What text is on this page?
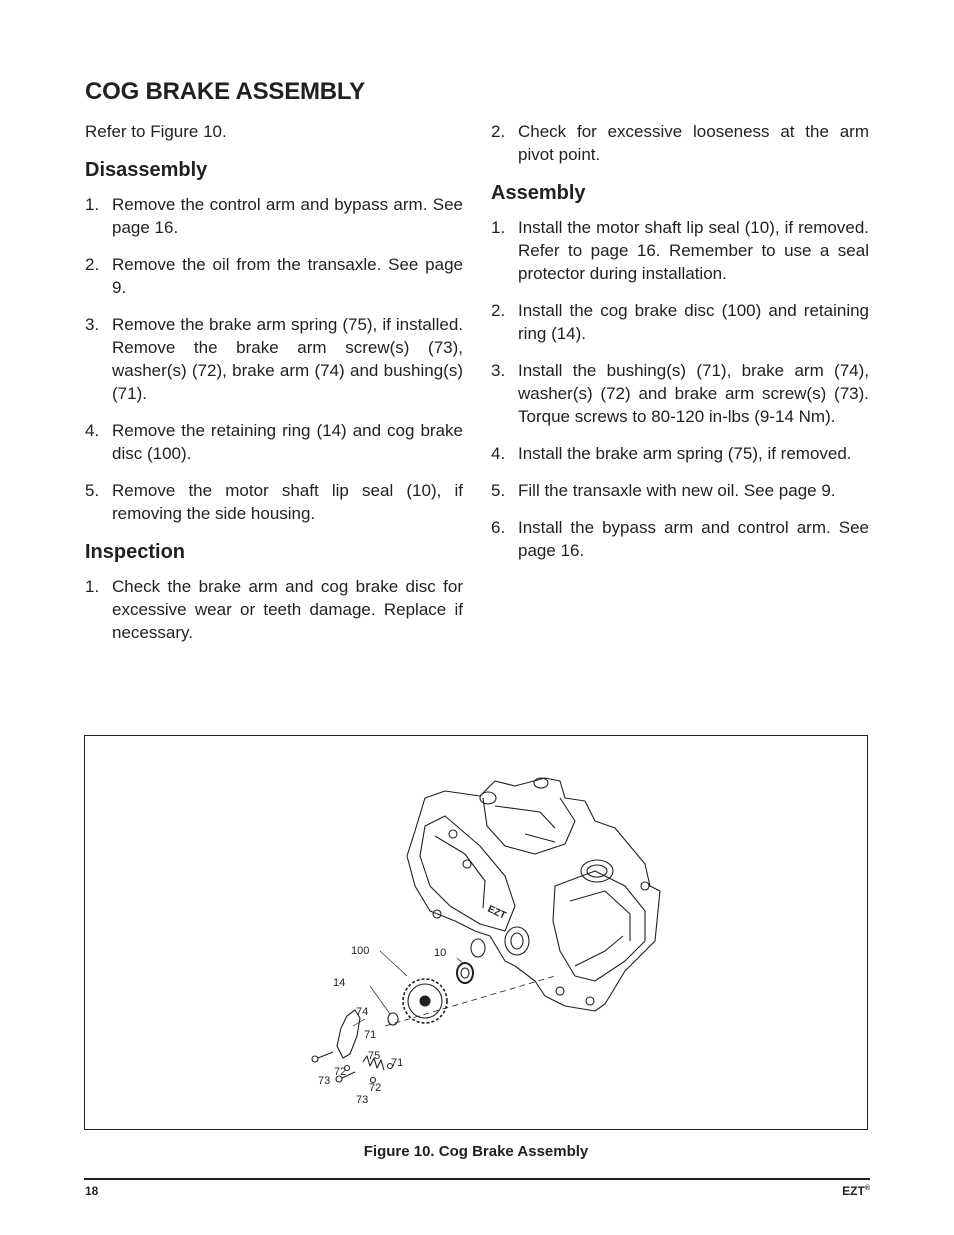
COG BRAKE ASSEMBLY

Refer to Figure 10.

Disassembly
1. Remove the control arm and bypass arm. See page 16.
2. Remove the oil from the transaxle. See page 9.
3. Remove the brake arm spring (75), if installed. Remove the brake arm screw(s) (73), washer(s) (72), brake arm (74) and bushing(s) (71).
4. Remove the retaining ring (14) and cog brake disc (100).
5. Remove the motor shaft lip seal (10), if removing the side housing.
Inspection
1. Check the brake arm and cog brake disc for excessive wear or teeth damage. Replace if necessary.
2. Check for excessive looseness at the arm pivot point.
Assembly
1. Install the motor shaft lip seal (10), if removed. Refer to page 16. Remember to use a seal protector during installation.
2. Install the cog brake disc (100) and retaining ring (14).
3. Install the bushing(s) (71), brake arm (74), washer(s) (72) and brake arm screw(s) (73). Torque screws to 80-120 in-lbs (9-14 Nm).
4. Install the brake arm spring (75), if removed.
5. Fill the transaxle with new oil. See page 9.
6. Install the bypass arm and control arm. See page 16.
EZT
100	10
14
74
71
75
71
72
73
72
73
Figure 10. Cog Brake Assembly
18	EZT®
